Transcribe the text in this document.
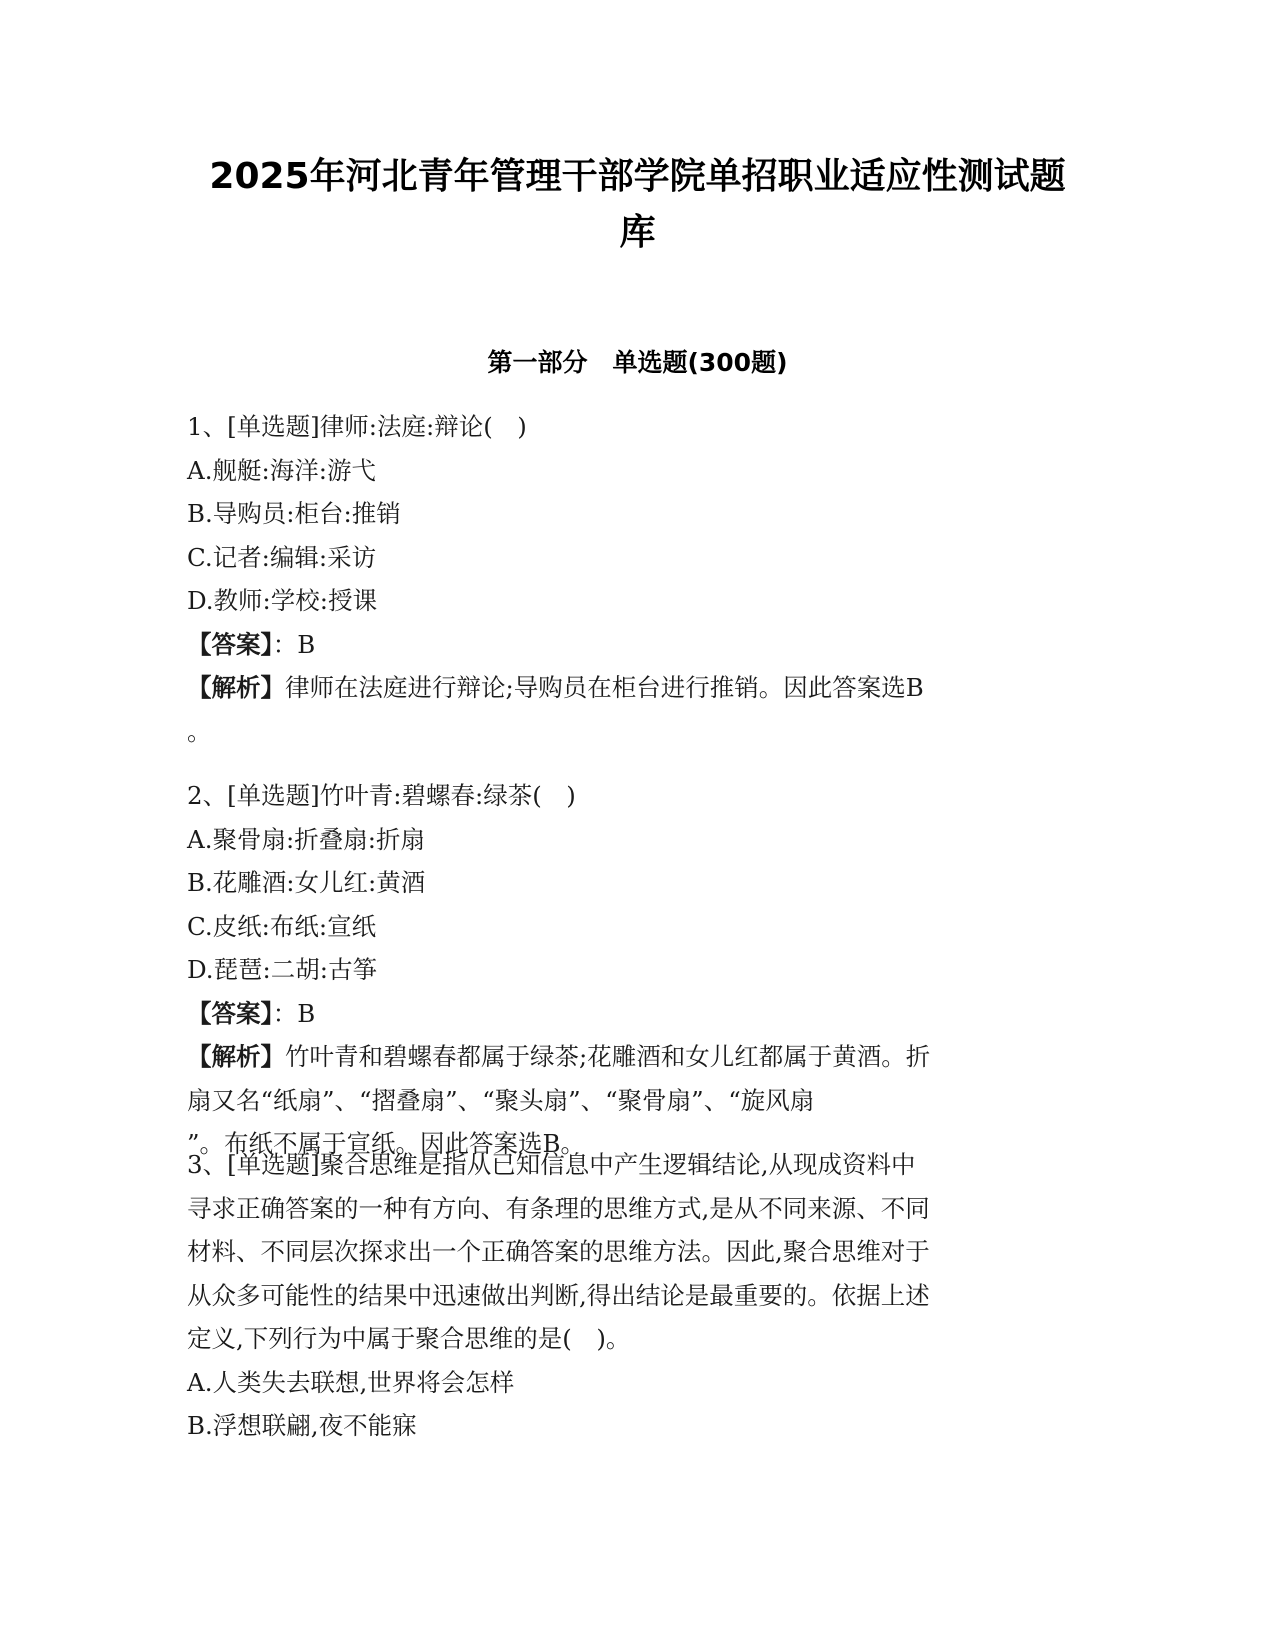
2025年河北青年管理干部学院单招职业适应性测试题
库
第一部分　单选题(300题)
1、[单选题]律师:法庭:辩论(　)
A.舰艇:海洋:游弋
B.导购员:柜台:推销
C.记者:编辑:采访
D.教师:学校:授课
【答案】：B
【解析】律师在法庭进行辩论;导购员在柜台进行推销。因此答案选B
。
2、[单选题]竹叶青:碧螺春:绿茶(　)
A.聚骨扇:折叠扇:折扇
B.花雕酒:女儿红:黄酒
C.皮纸:布纸:宣纸
D.琵琶:二胡:古筝
【答案】：B
【解析】竹叶青和碧螺春都属于绿茶;花雕酒和女儿红都属于黄酒。折
扇又名“纸扇”、“摺叠扇”、“聚头扇”、“聚骨扇”、“旋风扇
”。布纸不属于宣纸。因此答案选B。
3、[单选题]聚合思维是指从已知信息中产生逻辑结论,从现成资料中
寻求正确答案的一种有方向、有条理的思维方式,是从不同来源、不同
材料、不同层次探求出一个正确答案的思维方法。因此,聚合思维对于
从众多可能性的结果中迅速做出判断,得出结论是最重要的。依据上述
定义,下列行为中属于聚合思维的是(　)。
A.人类失去联想,世界将会怎样
B.浮想联翩,夜不能寐
